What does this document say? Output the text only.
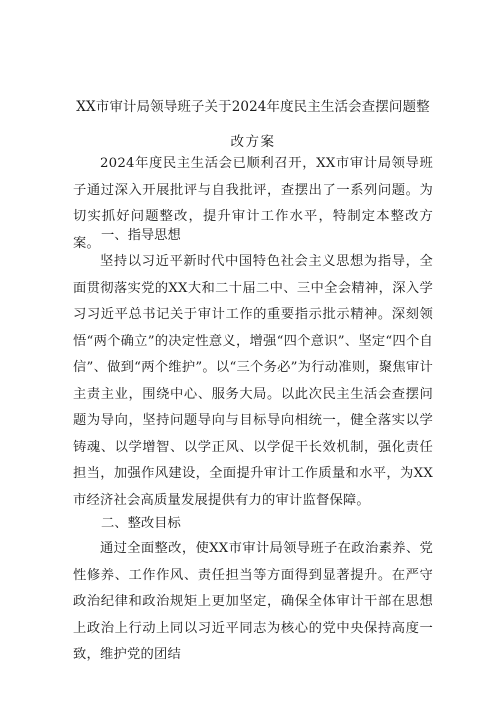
XX市审计局领导班子关于2024年度民主生活会查摆问题整
改方案
2024年度民主生活会已顺利召开，XX市审计局领导班子通过深入开展批评与自我批评，查摆出了一系列问题。为切实抓好问题整改，提升审计工作水平，特制定本整改方案。 一、指导思想
坚持以习近平新时代中国特色社会主义思想为指导，全面贯彻落实党的XX大和二十届二中、三中全会精神，深入学习习近平总书记关于审计工作的重要指示批示精神。深刻领悟“两个确立”的决定性意义，增强“四个意识”、坚定“四个自信”、做到“两个维护”。以“三个务必”为行动准则，聚焦审计主责主业，围绕中心、服务大局。以此次民主生活会查摆问题为导向，坚持问题导向与目标导向相统一，健全落实以学铸魂、以学增智、以学正风、以学促干长效机制，强化责任担当，加强作风建设，全面提升审计工作质量和水平，为XX市经济社会高质量发展提供有力的审计监督保障。
二、整改目标
通过全面整改，使XX市审计局领导班子在政治素养、党性修养、工作作风、责任担当等方面得到显著提升。在严守政治纪律和政治规矩上更加坚定，确保全体审计干部在思想上政治上行动上同以习近平同志为核心的党中央保持高度一致，维护党的团结
